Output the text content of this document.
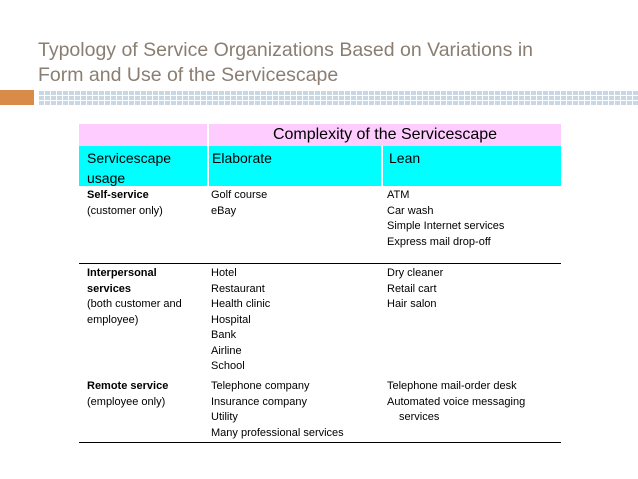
Typology of Service Organizations Based on Variations in
Form and Use of the Servicescape
Complexity of the Servicescape
Servicescape
usage
Elaborate	Lean
Self-service
(customer only)
Golf course
eBay
ATM
Car wash
Simple Internet services
Express mail drop-off
Interpersonal
services
(both customer and
employee)
Hotel
Restaurant
Health clinic
Hospital
Bank
Airline
School
Dry cleaner
Retail cart
Hair salon
Remote service
(employee only)
Telephone company
Insurance company
Utility
Many professional services
Telephone mail-order desk
Automated voice messaging
services
